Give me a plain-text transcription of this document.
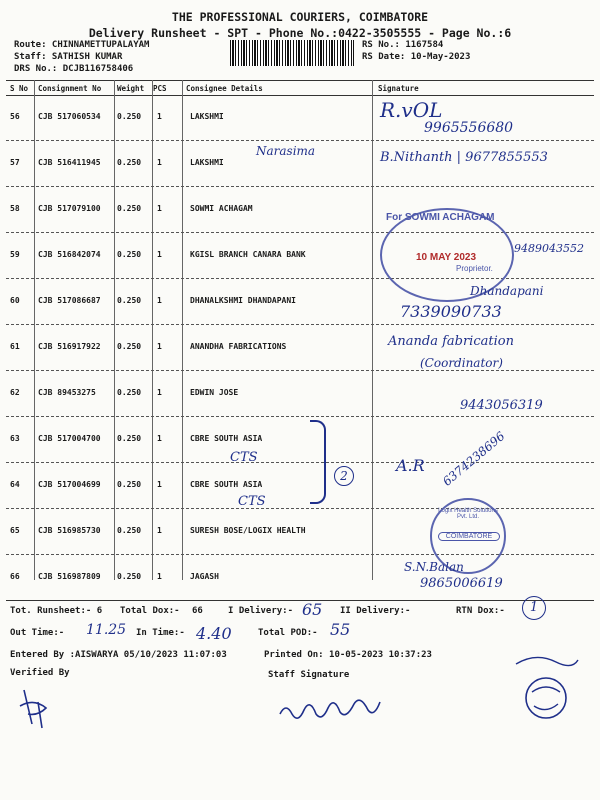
THE PROFESSIONAL COURIERS, COIMBATORE
Delivery Runsheet - SPT - Phone No.:0422-3505555 - Page No.:6
Route: CHINNAMETTUPALAYAM
Staff: SATHISH KUMAR
DRS No.: DCJB116758406
RS No.: 1167584
RS Date: 10-May-2023
S No Consignment No Weight PCS	Consignee Details	Signature
56 CJB 517060534 0.250 1	LAKSHMI
57 CJB 516411945 0.250 1	LAKSHMI
58 CJB 517079100 0.250 1	SOWMI ACHAGAM
59 CJB 516842074 0.250 1	KGISL BRANCH CANARA BANK
60 CJB 517086687 0.250 1	DHANALKSHMI DHANDAPANI
61 CJB 516917922 0.250 1	ANANDHA FABRICATIONS
62 CJB 89453275	0.250 1	EDWIN JOSE
63 CJB 517004700 0.250 1	CBRE SOUTH ASIA
64 CJB 517004699 0.250 1	CBRE SOUTH ASIA
65 CJB 516985730 0.250 1	SURESH BOSE/LOGIX HEALTH
66 CJB 516987809 0.250 1	JAGASH
R.vOL
9965556680
Narasima	B.Nithanth | 9677855553
For SOWMI ACHAGAM
10 MAY 2023
Proprietor.
9489043552
Dhandapani
7339090733
Ananda fabrication
(Coordinator)
9443056319
CTS
CTS
2
A.R 6374238696
Logix Health Solutions Pvt. Ltd.
COIMBATORE
S.N.Balan
9865006619
Tot. Runsheet:- 6 Total Dox:- 66	I Delivery:- 65 II Delivery:-	RTN Dox:-	1
Out Time:- 11.25 In Time:- 4.40	Total POD:- 55
Entered By :AISWARYA 05/10/2023 11:07:03	Printed On: 10-05-2023 10:37:23
Verified By	Staff Signature
